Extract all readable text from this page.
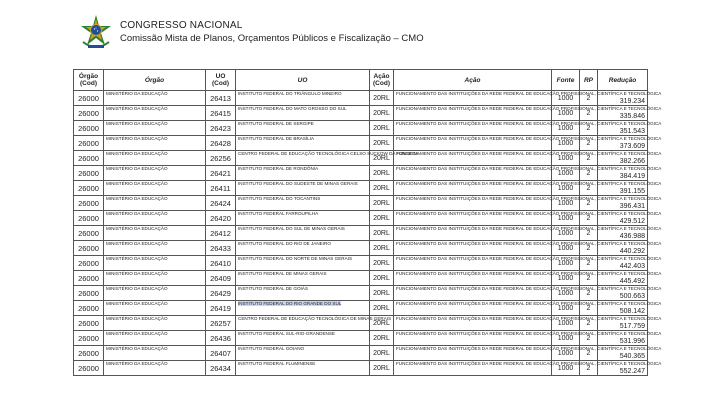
CONGRESSO NACIONAL
Comissão Mista de Planos, Orçamentos Públicos e Fiscalização – CMO
Órgão (Cod)	Órgão	UO (Cod)	UO	Ação (Cod)	Ação	Fonte	RP	Redução
26000	MINISTÉRIO DA EDUCAÇÃO	26413	INSTITUTO FEDERAL DO TRIÂNGULO MINEIRO	20RL	FUNCIONAMENTO DAS INSTITUIÇÕES DA REDE FEDERAL DE EDUCAÇÃO PROFISSIONAL, CIENTÍFICA E TECNOLÓGICA	1000	2	319.234
26000	MINISTÉRIO DA EDUCAÇÃO	26415	INSTITUTO FEDERAL DO MATO GROSSO DO SUL	20RL	FUNCIONAMENTO DAS INSTITUIÇÕES DA REDE FEDERAL DE EDUCAÇÃO PROFISSIONAL, CIENTÍFICA E TECNOLÓGICA	1000	2	335.846
26000	MINISTÉRIO DA EDUCAÇÃO	26423	INSTITUTO FEDERAL DE SERGIPE	20RL	FUNCIONAMENTO DAS INSTITUIÇÕES DA REDE FEDERAL DE EDUCAÇÃO PROFISSIONAL, CIENTÍFICA E TECNOLÓGICA	1000	2	351.543
26000	MINISTÉRIO DA EDUCAÇÃO	26428	INSTITUTO FEDERAL DE BRASÍLIA	20RL	FUNCIONAMENTO DAS INSTITUIÇÕES DA REDE FEDERAL DE EDUCAÇÃO PROFISSIONAL, CIENTÍFICA E TECNOLÓGICA	1000	2	373.609
26000	MINISTÉRIO DA EDUCAÇÃO	26256	CENTRO FEDERAL DE EDUCAÇÃO TECNOLÓGICA CELSO SUCKOW DA FONSECA	20RL	FUNCIONAMENTO DAS INSTITUIÇÕES DA REDE FEDERAL DE EDUCAÇÃO PROFISSIONAL, CIENTÍFICA E TECNOLÓGICA	1000	2	382.266
26000	MINISTÉRIO DA EDUCAÇÃO	26421	INSTITUTO FEDERAL DE RONDÔNIA	20RL	FUNCIONAMENTO DAS INSTITUIÇÕES DA REDE FEDERAL DE EDUCAÇÃO PROFISSIONAL, CIENTÍFICA E TECNOLÓGICA	1000	2	384.419
26000	MINISTÉRIO DA EDUCAÇÃO	26411	INSTITUTO FEDERAL DO SUDESTE DE MINAS GERAIS	20RL	FUNCIONAMENTO DAS INSTITUIÇÕES DA REDE FEDERAL DE EDUCAÇÃO PROFISSIONAL, CIENTÍFICA E TECNOLÓGICA	1000	2	391.155
26000	MINISTÉRIO DA EDUCAÇÃO	26424	INSTITUTO FEDERAL DO TOCANTINS	20RL	FUNCIONAMENTO DAS INSTITUIÇÕES DA REDE FEDERAL DE EDUCAÇÃO PROFISSIONAL, CIENTÍFICA E TECNOLÓGICA	1000	2	396.431
26000	MINISTÉRIO DA EDUCAÇÃO	26420	INSTITUTO FEDERAL FARROUPILHA	20RL	FUNCIONAMENTO DAS INSTITUIÇÕES DA REDE FEDERAL DE EDUCAÇÃO PROFISSIONAL, CIENTÍFICA E TECNOLÓGICA	1000	2	429.512
26000	MINISTÉRIO DA EDUCAÇÃO	26412	INSTITUTO FEDERAL DO SUL DE MINAS GERAIS	20RL	FUNCIONAMENTO DAS INSTITUIÇÕES DA REDE FEDERAL DE EDUCAÇÃO PROFISSIONAL, CIENTÍFICA E TECNOLÓGICA	1000	2	436.988
26000	MINISTÉRIO DA EDUCAÇÃO	26433	INSTITUTO FEDERAL DO RIO DE JANEIRO	20RL	FUNCIONAMENTO DAS INSTITUIÇÕES DA REDE FEDERAL DE EDUCAÇÃO PROFISSIONAL, CIENTÍFICA E TECNOLÓGICA	1000	2	440.292
26000	MINISTÉRIO DA EDUCAÇÃO	26410	INSTITUTO FEDERAL DO NORTE DE MINAS GERAIS	20RL	FUNCIONAMENTO DAS INSTITUIÇÕES DA REDE FEDERAL DE EDUCAÇÃO PROFISSIONAL, CIENTÍFICA E TECNOLÓGICA	1000	2	442.403
26000	MINISTÉRIO DA EDUCAÇÃO	26409	INSTITUTO FEDERAL DE MINAS GERAIS	20RL	FUNCIONAMENTO DAS INSTITUIÇÕES DA REDE FEDERAL DE EDUCAÇÃO PROFISSIONAL, CIENTÍFICA E TECNOLÓGICA	1000	2	445.492
26000	MINISTÉRIO DA EDUCAÇÃO	26429	INSTITUTO FEDERAL DE GOIÁS	20RL	FUNCIONAMENTO DAS INSTITUIÇÕES DA REDE FEDERAL DE EDUCAÇÃO PROFISSIONAL, CIENTÍFICA E TECNOLÓGICA	1000	2	500.663
26000	MINISTÉRIO DA EDUCAÇÃO	26419	INSTITUTO FEDERAL DO RIO GRANDE DO SUL	20RL	FUNCIONAMENTO DAS INSTITUIÇÕES DA REDE FEDERAL DE EDUCAÇÃO PROFISSIONAL, CIENTÍFICA E TECNOLÓGICA	1000	2	508.142
26000	MINISTÉRIO DA EDUCAÇÃO	26257	CENTRO FEDERAL DE EDUCAÇÃO TECNOLÓGICA DE MINAS GERAIS	20RL	FUNCIONAMENTO DAS INSTITUIÇÕES DA REDE FEDERAL DE EDUCAÇÃO PROFISSIONAL, CIENTÍFICA E TECNOLÓGICA	1000	2	517.759
26000	MINISTÉRIO DA EDUCAÇÃO	26436	INSTITUTO FEDERAL SUL-RIO-GRANDENSE	20RL	FUNCIONAMENTO DAS INSTITUIÇÕES DA REDE FEDERAL DE EDUCAÇÃO PROFISSIONAL, CIENTÍFICA E TECNOLÓGICA	1000	2	531.996
26000	MINISTÉRIO DA EDUCAÇÃO	26407	INSTITUTO FEDERAL GOIANO	20RL	FUNCIONAMENTO DAS INSTITUIÇÕES DA REDE FEDERAL DE EDUCAÇÃO PROFISSIONAL, CIENTÍFICA E TECNOLÓGICA	1000	2	540.365
26000	MINISTÉRIO DA EDUCAÇÃO	26434	INSTITUTO FEDERAL FLUMINENSE	20RL	FUNCIONAMENTO DAS INSTITUIÇÕES DA REDE FEDERAL DE EDUCAÇÃO PROFISSIONAL, CIENTÍFICA E TECNOLÓGICA	1000	2	552.247
